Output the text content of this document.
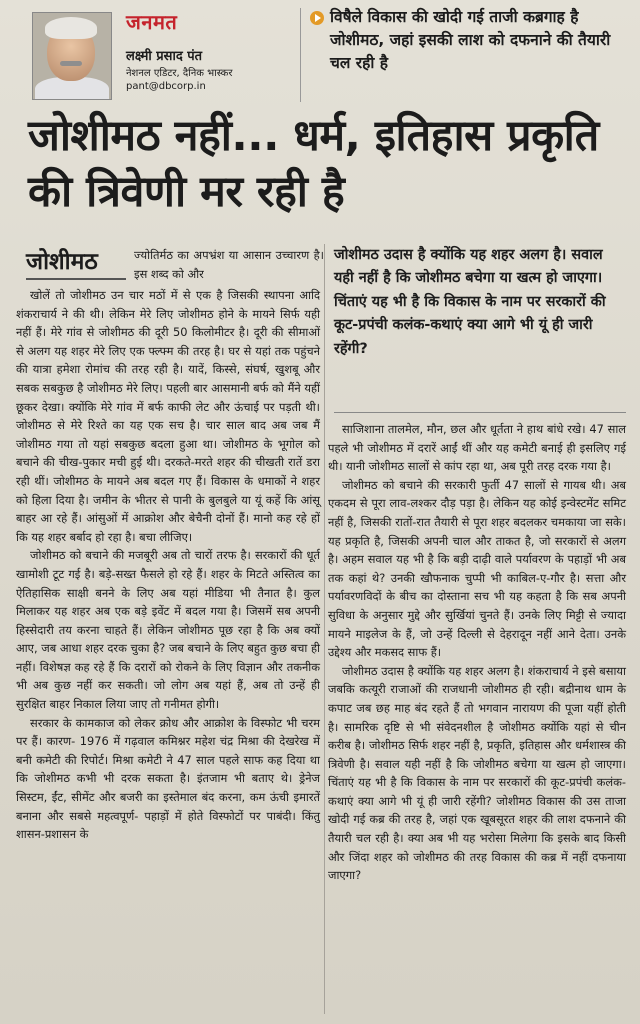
जनमत
लक्ष्मी प्रसाद पंत
नेशनल एडिटर, दैनिक भास्कर
pant@dbcorp.in
विषैले विकास की खोदी गई ताजी कब्रगाह है जोशीमठ, जहां इसकी लाश को दफनाने की तैयारी चल रही है
जोशीमठ नहीं... धर्म, इतिहास प्रकृति की त्रिवेणी मर रही है
जोशीमठ	ज्योतिर्मठ का अपभ्रंश या आसान उच्चारण है। इस शब्द को और

खोलें तो जोशीमठ उन चार मठों में से एक है जिसकी स्थापना आदि शंकराचार्य ने की थी। लेकिन मेरे लिए जोशीमठ होने के मायने सिर्फ यही नहीं हैं। मेरे गांव से जोशीमठ की दूरी 50 किलोमीटर है। दूरी की सीमाओं से अलग यह शहर मेरे लिए एक फ्ल्फ्म की तरह है। घर से यहां तक पहुंचने की यात्रा हमेशा रोमांच की तरह रही है। यादें, किस्से, संघर्ष, खुशबू और सबक सबकुछ है जोशीमठ मेरे लिए। पहली बार आसमानी बर्फ को मैंने यहीं छूकर देखा। क्योंकि मेरे गांव में बर्फ काफी लेट और ऊंचाई पर पड़ती थी। जोशीमठ से मेरे रिश्ते का यह एक सच है। चार साल बाद अब जब मैं जोशीमठ गया तो यहां सबकुछ बदला हुआ था। जोशीमठ के भूगोल को बचाने की चीख-पुकार मची हुई थी। दरकते-मरते शहर की चीखती रातें डरा रही थीं। जोशीमठ के मायने अब बदल गए हैं। विकास के धमाकों ने शहर को हिला दिया है। जमीन के भीतर से पानी के बुलबुले या यूं कहें कि आंसू बाहर आ रहे हैं। आंसुओं में आक्रोश और बेचैनी दोनों हैं। मानो कह रहे हों कि यह शहर बर्बाद हो रहा है। बचा लीजिए।

जोशीमठ को बचाने की मजबूरी अब तो चारों तरफ है। सरकारों की धूर्त खामोशी टूट गई है। बड़े-सख्त फैसले हो रहे हैं। शहर के मिटते अस्तित्व का ऐतिहासिक साक्षी बनने के लिए अब यहां मीडिया भी तैनात है। कुल मिलाकर यह शहर अब एक बड़े इवेंट में बदल गया है। जिसमें सब अपनी हिस्सेदारी तय करना चाहते हैं। लेकिन जोशीमठ पूछ रहा है कि अब क्यों आए, जब आधा शहर दरक चुका है? जब बचाने के लिए बहुत कुछ बचा ही नहीं। विशेषज्ञ कह रहे हैं कि दरारों को रोकने के लिए विज्ञान और तकनीक भी अब कुछ नहीं कर सकती। जो लोग अब यहां हैं, अब तो उन्हें ही सुरक्षित बाहर निकाल लिया जाए तो गनीमत होगी।

सरकार के कामकाज को लेकर क्रोध और आक्रोश के विस्फोट भी चरम पर हैं। कारण- 1976 में गढ़वाल कमिश्नर महेश चंद्र मिश्रा की देखरेख में बनी कमेटी की रिपोर्ट। मिश्रा कमेटी ने 47 साल पहले साफ कह दिया था कि जोशीमठ कभी भी दरक सकता है। इंतजाम भी बताए थे। ड्रेनेज सिस्टम, ईंट, सीमेंट और बजरी का इस्तेमाल बंद करना, कम ऊंची इमारतें बनाना और सबसे महत्वपूर्ण- पहाड़ों में होते विस्फोटों पर पाबंदी। किंतु शासन-प्रशासन के

जोशीमठ उदास है क्योंकि यह शहर अलग है। सवाल यही नहीं है कि जोशीमठ बचेगा या खत्म हो जाएगा। चिंताएं यह भी है कि विकास के नाम पर सरकारों की कूट-प्रपंची कलंक-कथाएं क्या आगे भी यूं ही जारी रहेंगी?

साजिशाना तालमेल, मौन, छल और धूर्तता ने हाथ बांधे रखे। 47 साल पहले भी जोशीमठ में दरारें आईं थीं और यह कमेटी बनाई ही इसलिए गई थी। यानी जोशीमठ सालों से कांप रहा था, अब पूरी तरह दरक गया है।

जोशीमठ को बचाने की सरकारी फुर्ती 47 सालों से गायब थी। अब एकदम से पूरा लाव-लश्कर दौड़ पड़ा है। लेकिन यह कोई इन्वेस्टमेंट समिट नहीं है, जिसकी रातों-रात तैयारी से पूरा शहर बदलकर चमकाया जा सके। यह प्रकृति है, जिसकी अपनी चाल और ताकत है, जो सरकारों से अलग है। अहम सवाल यह भी है कि बड़ी दाढ़ी वाले पर्यावरण के पहाड़ों भी अब तक कहां थे? उनकी खौफनाक चुप्पी भी काबिल-ए-गौर है। सत्ता और पर्यावरणविदों के बीच का दोस्ताना सच भी यह कहता है कि सब अपनी सुविधा के अनुसार मुद्दे और सुर्खियां चुनते हैं। उनके लिए मिट्टी से ज्यादा मायने माइलेज के हैं, जो उन्हें दिल्ली से देहरादून नहीं आने देता। उनके उद्देश्य और मकसद साफ हैं।

जोशीमठ उदास है क्योंकि यह शहर अलग है। शंकराचार्य ने इसे बसाया जबकि कत्यूरी राजाओं की राजधानी जोशीमठ ही रही। बद्रीनाथ धाम के कपाट जब छह माह बंद रहते हैं तो भगवान नारायण की पूजा यहीं होती है। सामरिक दृष्टि से भी संवेदनशील है जोशीमठ क्योंकि यहां से चीन करीब है। जोशीमठ सिर्फ शहर नहीं है, प्रकृति, इतिहास और धर्मशास्त्र की त्रिवेणी है। सवाल यही नहीं है कि जोशीमठ बचेगा या खत्म हो जाएगा। चिंताएं यह भी है कि विकास के नाम पर सरकारों की कूट-प्रपंची कलंक- कथाएं क्या आगे भी यूं ही जारी रहेंगी? जोशीमठ विकास की उस ताजा खोदी गई कब्र की तरह है, जहां एक खूबसूरत शहर की लाश दफनाने की तैयारी चल रही है। क्या अब भी यह भरोसा मिलेगा कि इसके बाद किसी और जिंदा शहर को जोशीमठ की तरह विकास की कब्र में नहीं दफनाया जाएगा?
